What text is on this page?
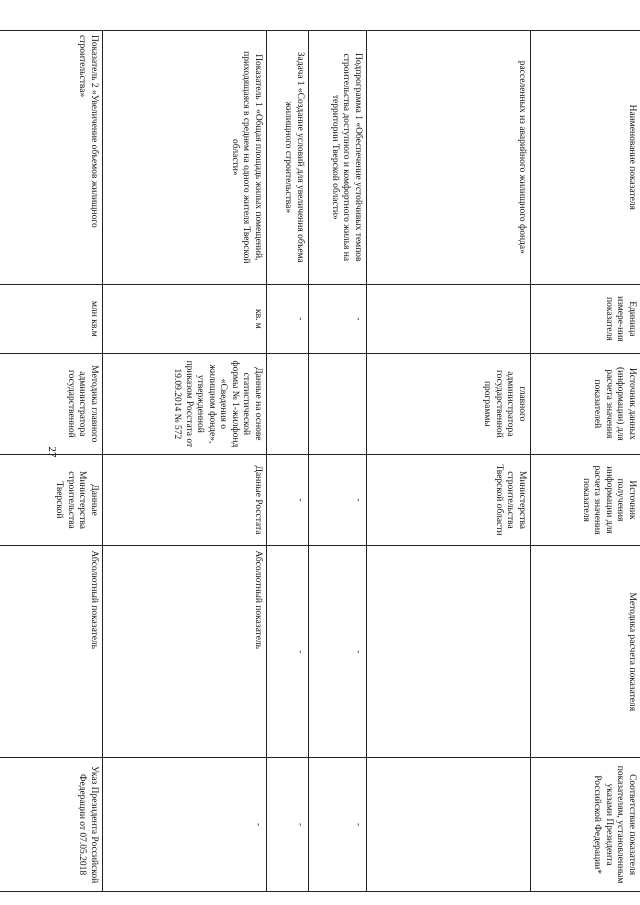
27
Наименование показателя	Единица измере-ния показателя	Источник данных (информации) для расчета значения показателей	Источник получения информации для расчета значения показателя	Методика расчета показателя	Соответствие показателя показателям, установленным указами Президента Российской Федерации*
расселенных из аварийного жилищного фонда»		главного администратора государственной программы	Министерства строительства Тверской области		
Подпрограмма 1 «Обеспечение устойчивых темпов строительства доступного и комфортного жилья на территории Тверской области»	-		-	-	-
Задача 1 «Создание условий для увеличения объема жилищного строительства»	-		-	-	-
Показатель 1 «Общая площадь жилых помещений, приходящаяся в среднем на одного жителя Тверской области»	кв. м	Данные на основе статистической формы № 1-жилфонд «Сведения о жилищном фонде», утвержденной приказом Росстата от 19.09.2014 № 572	Данные Росстата	Абсолютный показатель	-
Показатель 2 «Увеличение объемов жилищного строительства»	млн кв.м	Методика главного администратора государственной	Данные Министерства строительства Тверской	Абсолютный показатель	Указ Президента Российской Федерации от 07.05.2018
